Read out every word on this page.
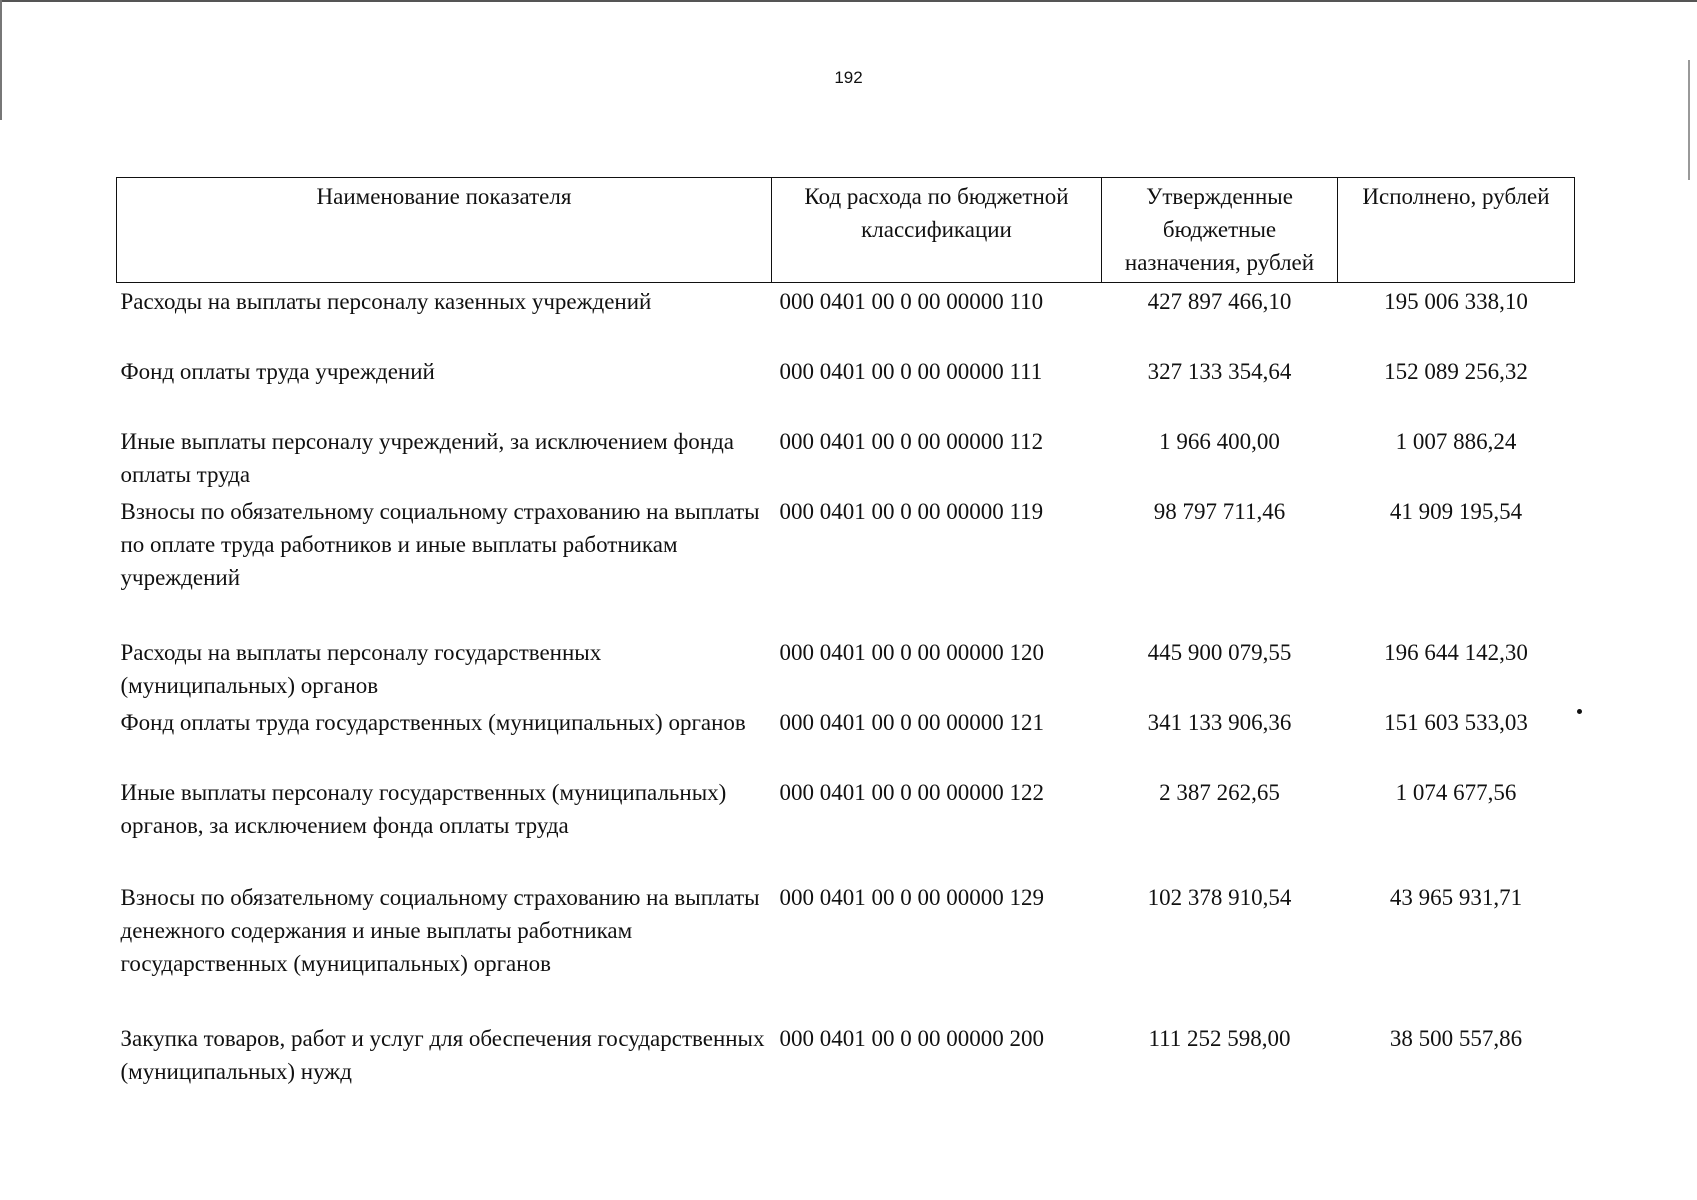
192
Наименование показателя	Код расхода по бюджетной классификации	Утвержденные бюджетные назначения, рублей	Исполнено, рублей
Расходы на выплаты персоналу казенных учреждений	000 0401 00 0 00 00000 110	427 897 466,10	195 006 338,10
Фонд оплаты труда учреждений	000 0401 00 0 00 00000 111	327 133 354,64	152 089 256,32
Иные выплаты персоналу учреждений, за исключением фонда оплаты труда	000 0401 00 0 00 00000 112	1 966 400,00	1 007 886,24
Взносы по обязательному социальному страхованию на выплаты по оплате труда работников и иные выплаты работникам учреждений	000 0401 00 0 00 00000 119	98 797 711,46	41 909 195,54
Расходы на выплаты персоналу государственных (муниципальных) органов	000 0401 00 0 00 00000 120	445 900 079,55	196 644 142,30
Фонд оплаты труда государственных (муниципальных) органов	000 0401 00 0 00 00000 121	341 133 906,36	151 603 533,03
Иные выплаты персоналу государственных (муниципальных) органов, за исключением фонда оплаты труда	000 0401 00 0 00 00000 122	2 387 262,65	1 074 677,56
Взносы по обязательному социальному страхованию на выплаты денежного содержания и иные выплаты работникам государственных (муниципальных) органов	000 0401 00 0 00 00000 129	102 378 910,54	43 965 931,71
Закупка товаров, работ и услуг для обеспечения государственных (муниципальных) нужд	000 0401 00 0 00 00000 200	111 252 598,00	38 500 557,86
